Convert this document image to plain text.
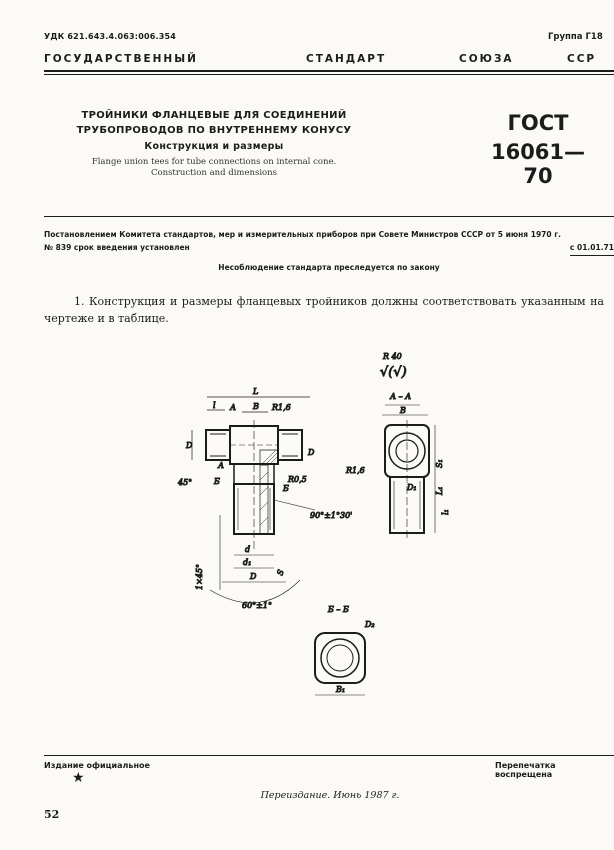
УДК 621.643.4.063:006.354	Группа Г18
ГОСУДАРСТВЕННЫЙ	СТАНДАРТ	СОЮЗА	ССР
ТРОЙНИКИ ФЛАНЦЕВЫЕ ДЛЯ СОЕДИНЕНИЙ
ТРУБОПРОВОДОВ ПО ВНУТРЕННЕМУ КОНУСУ
Конструкция и размеры
Flange union tees for tube connections on internal cone.
Construction and dimensions
ГОСТ
16061—70
Постановлением Комитета стандартов, мер и измерительных приборов при Совете Министров СССР от 5 июня 1970 г.
№ 839 срок введения установлен	с 01.01.71
Несоблюдение стандарта преследуется по закону
1. Конструкция и размеры фланцевых тройников должны соответствовать указанным на чертеже и в таблице.
R 40
√(√)
L
l	B
А	R1,6
D
D
А
Б
Б
R0,5
45°
90°±1°30'
1×45°
d
d₁
D S
60°±1°
А – А
B
D₁
R1,6
S₁
L₁
l₁
Б – Б
D₂
B₁
Издание официальное	Перепечатка воспрещена
★
Переиздание. Июнь 1987 г.
52
